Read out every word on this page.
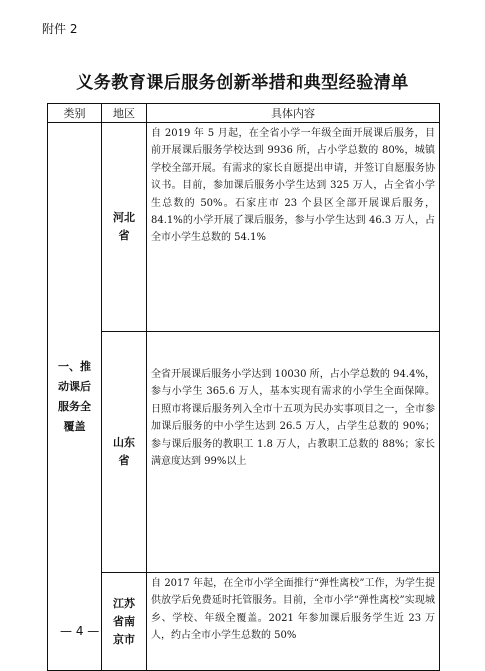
附件 2
义务教育课后服务创新举措和典型经验清单
类别	地区	具体内容

一、推动课后服务全覆盖	河北省	自 2019 年 5 月起，在全省小学一年级全面开展课后服务，目前开展课后服务学校达到 9936 所，占小学总数的 80%，城镇学校全部开展。有需求的家长自愿提出申请，并签订自愿服务协议书。目前，参加课后服务小学生达到 325 万人，占全省小学生总数的 50%。石家庄市 23 个县区全部开展课后服务，84.1%的小学开展了课后服务，参与小学生达到 46.3 万人，占全市小学生总数的 54.1%

	山东省	全省开展课后服务小学达到 10030 所，占小学总数的 94.4%， 参与小学生 365.6 万人，基本实现有需求的小学生全面保障。日照市将课后服务列入全市十五项为民办实事项目之一，全市参加课后服务的中小学生达到 26.5 万人，占学生总数的 90%；参与课后服务的教职工 1.8 万人，占教职工总数的 88%；家长满意度达到 99%以上

	江苏省南京市	自 2017 年起，在全市小学全面推行“弹性离校”工作，为学生提供放学后免费延时托管服务。目前，全市小学“弹性离校”实现城乡、学校、年级全覆盖。2021 年参加课后服务学生近 23 万人，约占全市小学生总数的 50%
— 4 —
